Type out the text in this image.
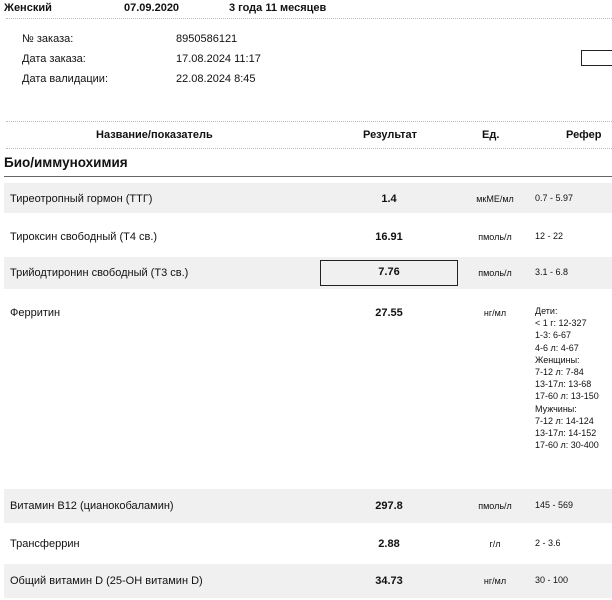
Женский	07.09.2020	3 года 11 месяцев
№ заказа:	8950586121
Дата заказа:	17.08.2024 11:17
Дата валидации:	22.08.2024 8:45
Название/показатель	Результат	Ед.	Рефер
Био/иммунохимия
Тиреотропный гормон (ТТГ)	1.4	мкМЕ/мл	0.7 - 5.97
Тироксин свободный (Т4 св.)	16.91	пмоль/л	12 - 22
Трийодтиронин свободный (Т3 св.)	7.76	пмоль/л	3.1 - 6.8
Ферритин	27.55	нг/мл	Дети:
< 1 г: 12-327
1-3: 6-67
4-6 л: 4-67
Женщины:
7-12 л: 7-84
13-17л: 13-68
17-60 л: 13-150
Мужчины:
7-12 л: 14-124
13-17л: 14-152
17-60 л: 30-400
Витамин B12 (цианокобаламин)	297.8	пмоль/л	145 - 569
Трансферрин	2.88	г/л	2 - 3.6
Общий витамин D (25-OH витамин D)	34.73	нг/мл	30 - 100
